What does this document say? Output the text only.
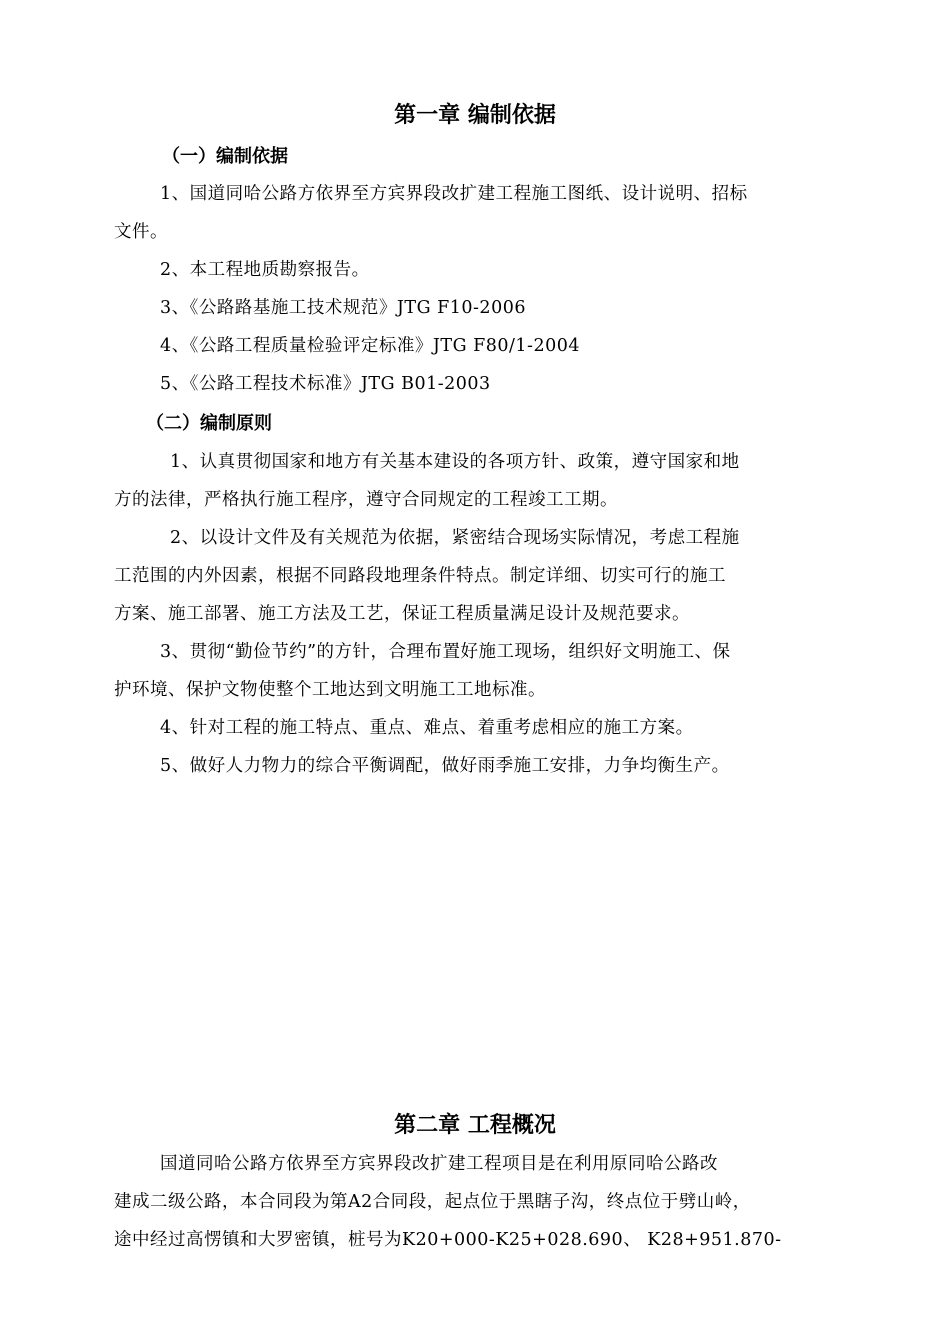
第一章 编制依据
（一）编制依据
1、国道同哈公路方依界至方宾界段改扩建工程施工图纸、设计说明、招标
文件。
2、本工程地质勘察报告。
3、《公路路基施工技术规范》JTG F10-2006
4、《公路工程质量检验评定标准》JTG F80/1-2004
5、《公路工程技术标准》JTG B01-2003
（二）编制原则
1、认真贯彻国家和地方有关基本建设的各项方针、政策，遵守国家和地
方的法律，严格执行施工程序，遵守合同规定的工程竣工工期。
2、以设计文件及有关规范为依据，紧密结合现场实际情况，考虑工程施
工范围的内外因素，根据不同路段地理条件特点。制定详细、切实可行的施工
方案、施工部署、施工方法及工艺，保证工程质量满足设计及规范要求。
3、贯彻“勤俭节约”的方针，合理布置好施工现场，组织好文明施工、保
护环境、保护文物使整个工地达到文明施工工地标准。
4、针对工程的施工特点、重点、难点、着重考虑相应的施工方案。
5、做好人力物力的综合平衡调配，做好雨季施工安排，力争均衡生产。
第二章 工程概况
国道同哈公路方依界至方宾界段改扩建工程项目是在利用原同哈公路改
建成二级公路，本合同段为第A2合同段，起点位于黑瞎子沟，终点位于劈山岭，
途中经过高愣镇和大罗密镇，桩号为K20+000-K25+028.690、 K28+951.870-
